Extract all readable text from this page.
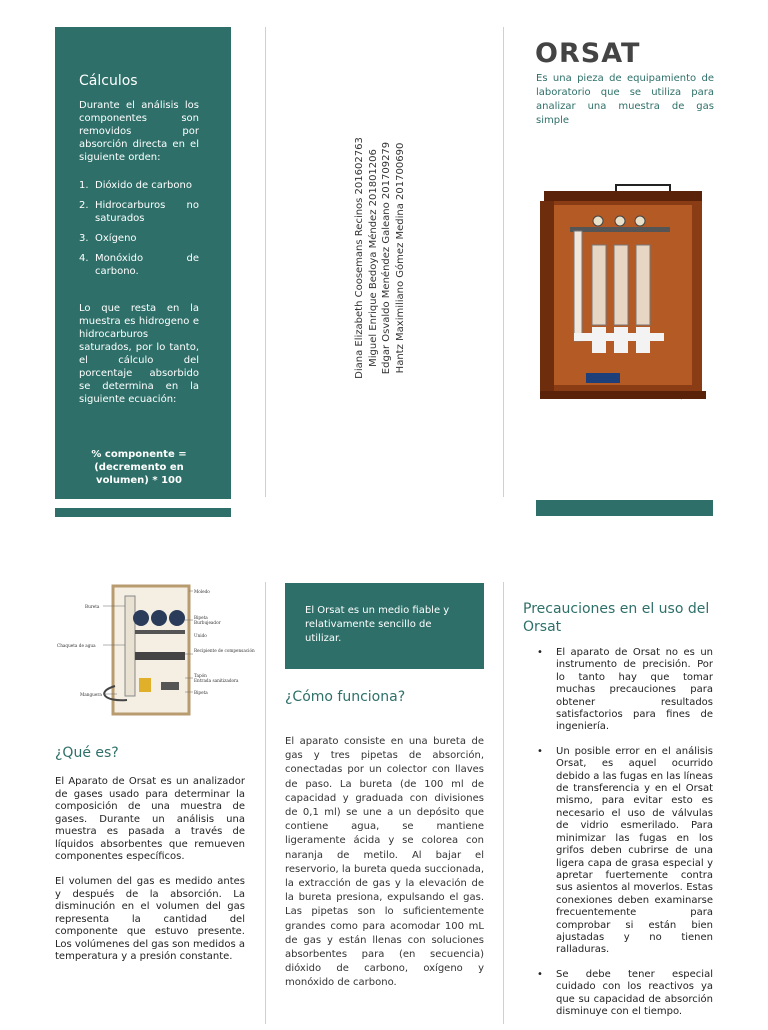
Cálculos
Durante el análisis los componentes son removidos por absorción directa en el siguiente orden:
1. Dióxido de carbono
2. Hidrocarburos no saturados
3. Oxígeno
4. Monóxido de carbono.
Lo que resta en la muestra es hidrogeno e hidrocarburos saturados, por lo tanto, el cálculo del porcentaje absorbido se determina en la siguiente ecuación:
% componente = (decremento en volumen) * 100
Diana Elizabeth Coosemans Recinos 201602763 Miguel Enrique Bedoya Méndez 201801206 Edgar Osvaldo Menéndez Galeano 201709279 Hantz Maximiliano Gómez Medina 201700690
ORSAT
Es una pieza de equipamiento de laboratorio que se utiliza para analizar una muestra de gas simple
Bureta
Chaqueta de agua
Manguera
Moledo
Bipeta
Burbujeador
Unido
Recipiente de compensación
Tapón
Entrada sanitizadora
Bipeta
¿Qué es?
El Aparato de Orsat es un analizador de gases usado para determinar la composición de una muestra de gases. Durante un análisis una muestra es pasada a través de líquidos absorbentes que remueven componentes específicos.
El volumen del gas es medido antes y después de la absorción. La disminución en el volumen del gas representa la cantidad del componente que estuvo presente. Los volúmenes del gas son medidos a temperatura y a presión constante.
El Orsat es un medio fiable y relativamente sencillo de utilizar.
¿Cómo funciona?
El aparato consiste en una bureta de gas y tres pipetas de absorción, conectadas por un colector con llaves de paso. La bureta (de 100 ml de capacidad y graduada con divisiones de 0,1 ml) se une a un depósito que contiene agua, se mantiene ligeramente ácida y se colorea con naranja de metilo. Al bajar el reservorio, la bureta queda succionada, la extracción de gas y la elevación de la bureta presiona, expulsando el gas. Las pipetas son lo suficientemente grandes como para acomodar 100 mL de gas y están llenas con soluciones absorbentes para (en secuencia) dióxido de carbono, oxígeno y monóxido de carbono.
Precauciones en el uso del Orsat
• El aparato de Orsat no es un instrumento de precisión. Por lo tanto hay que tomar muchas precauciones para obtener resultados satisfactorios para fines de ingeniería.
• Un posible error en el análisis Orsat, es aquel ocurrido debido a las fugas en las líneas de transferencia y en el Orsat mismo, para evitar esto es necesario el uso de válvulas de vidrio esmerilado. Para minimizar las fugas en los grifos deben cubrirse de una ligera capa de grasa especial y apretar fuertemente contra sus asientos al moverlos. Estas conexiones deben examinarse frecuentemente para comprobar si están bien ajustadas y no tienen ralladuras.
• Se debe tener especial cuidado con los reactivos ya que su capacidad de absorción disminuye con el tiempo.
